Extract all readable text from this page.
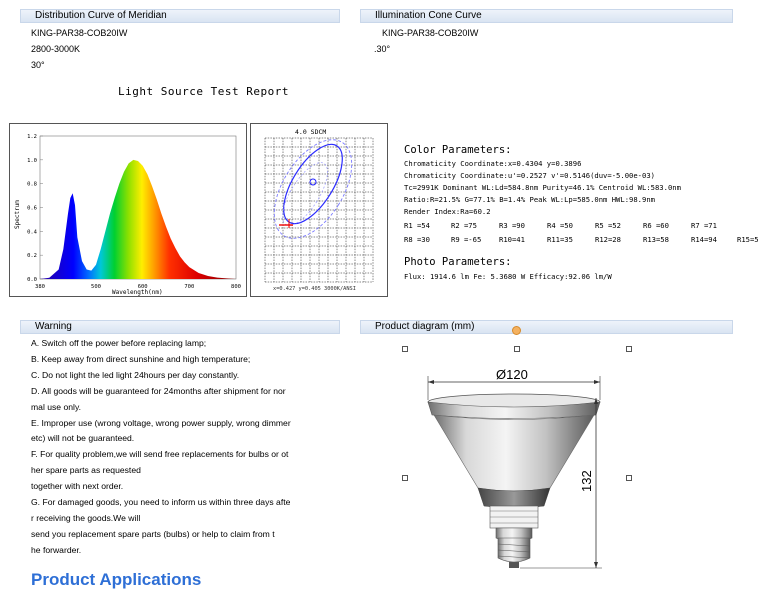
Distribution Curve of Meridian
KING-PAR38-COB20IW
2800-3000K
30°
Illumination Cone Curve
KING-PAR38-COB20IW
.30°
Light Source Test Report
0.0
0.2
0.4
0.6
0.8
1.0
1.2
380	500	600	700	800
Spectrum
Wavelength(nm)
4.0 SDCM
x=0.427 y=0.405 3000K/ANSI
Color Parameters:
Chromaticity Coordinate:x=0.4304 y=0.3896
Chromaticity Coordinate:u'=0.2527 v'=0.5146(duv=-5.00e-03)
Tc=2991K Dominant WL:Ld=584.8nm Purity=46.1% Centroid WL:583.0nm
Ratio:R=21.5% G=77.1% B=1.4% Peak WL:Lp=585.0nm HWL:98.9nm
Render Index:Ra=60.2
R1 =54	R2 =75	R3 =90	R4 =50	R5 =52	R6 =60	R7 =71
R8 =30	R9 =-65 R10=41	R11=35	R12=28	R13=58	R14=94	R15=5
Photo Parameters:
Flux: 1914.6 lm Fe: 5.3680 W Efficacy:92.06 lm/W
Warning
A. Switch off the power before replacing lamp;
B. Keep away from direct sunshine and high temperature;
C. Do not light the led light 24hours per day constantly.
D. All goods will be guaranteed for 24months after shipment for nor
mal use only.
E. Improper use (wrong voltage, wrong power supply, wrong dimmer
etc) will not be guaranteed.
F. For quality problem,we will send free replacements for bulbs or ot
her spare parts as requested
together with next order.
G. For damaged goods, you need to inform us within three days afte
r receiving the goods.We will
send you replacement spare parts (bulbs) or help to claim from t
he forwarder.
Product diagram (mm)
Ø120
132
Product Applications
